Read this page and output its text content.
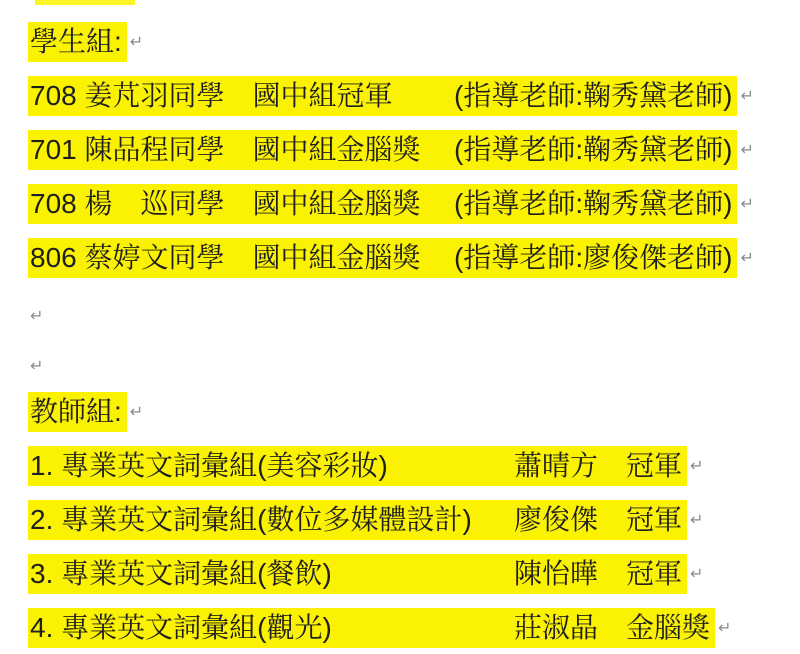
學生組: ↵
708 姜芃羽同學　國中組冠軍 (指導老師:鞠秀黛老師) ↵
701 陳品程同學　國中組金腦獎 (指導老師:鞠秀黛老師) ↵
708 楊　巡同學　國中組金腦獎 (指導老師:鞠秀黛老師) ↵
806 蔡婷文同學　國中組金腦獎 (指導老師:廖俊傑老師) ↵
↵
↵
教師組: ↵
1. 專業英文詞彙組(美容彩妝)	蕭晴方 冠軍 ↵
2. 專業英文詞彙組(數位多媒體設計) 廖俊傑 冠軍 ↵
3. 專業英文詞彙組(餐飲)	陳怡曄 冠軍 ↵
4. 專業英文詞彙組(觀光)	莊淑晶 金腦獎 ↵
